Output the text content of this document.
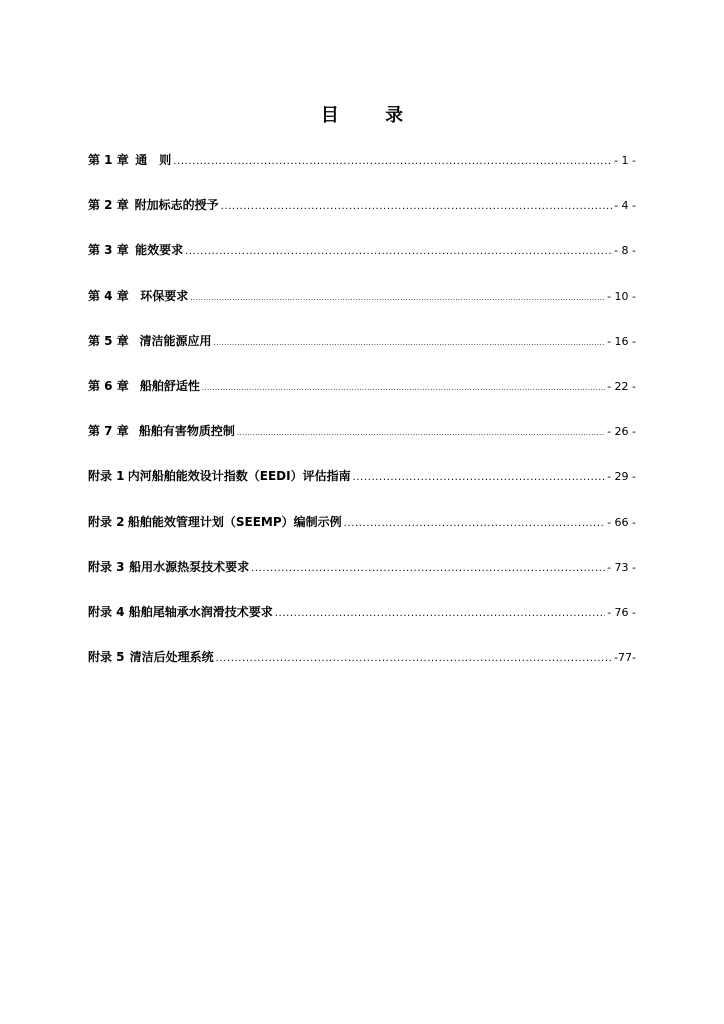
目 录
第 1 章 通　则 .....	- 1 -
第 2 章 附加标志的授予 .....	- 4 -
第 3 章 能效要求 .....	- 8 -
第 4 章 环保要求 .....	- 10 -
第 5 章 清洁能源应用 .....	- 16 -
第 6 章 船舶舒适性 .....	- 22 -
第 7 章 船舶有害物质控制 .....	- 26 -
附录 1 内河船舶能效设计指数（EEDI）评估指南 .....	- 29 -
附录 2 船舶能效管理计划（SEEMP）编制示例 .....	- 66 -
附录 3 船用水源热泵技术要求 .....	- 73 -
附录 4 船舶尾轴承水润滑技术要求 .....	- 76 -
附录 5 清洁后处理系统 .....	-77-
